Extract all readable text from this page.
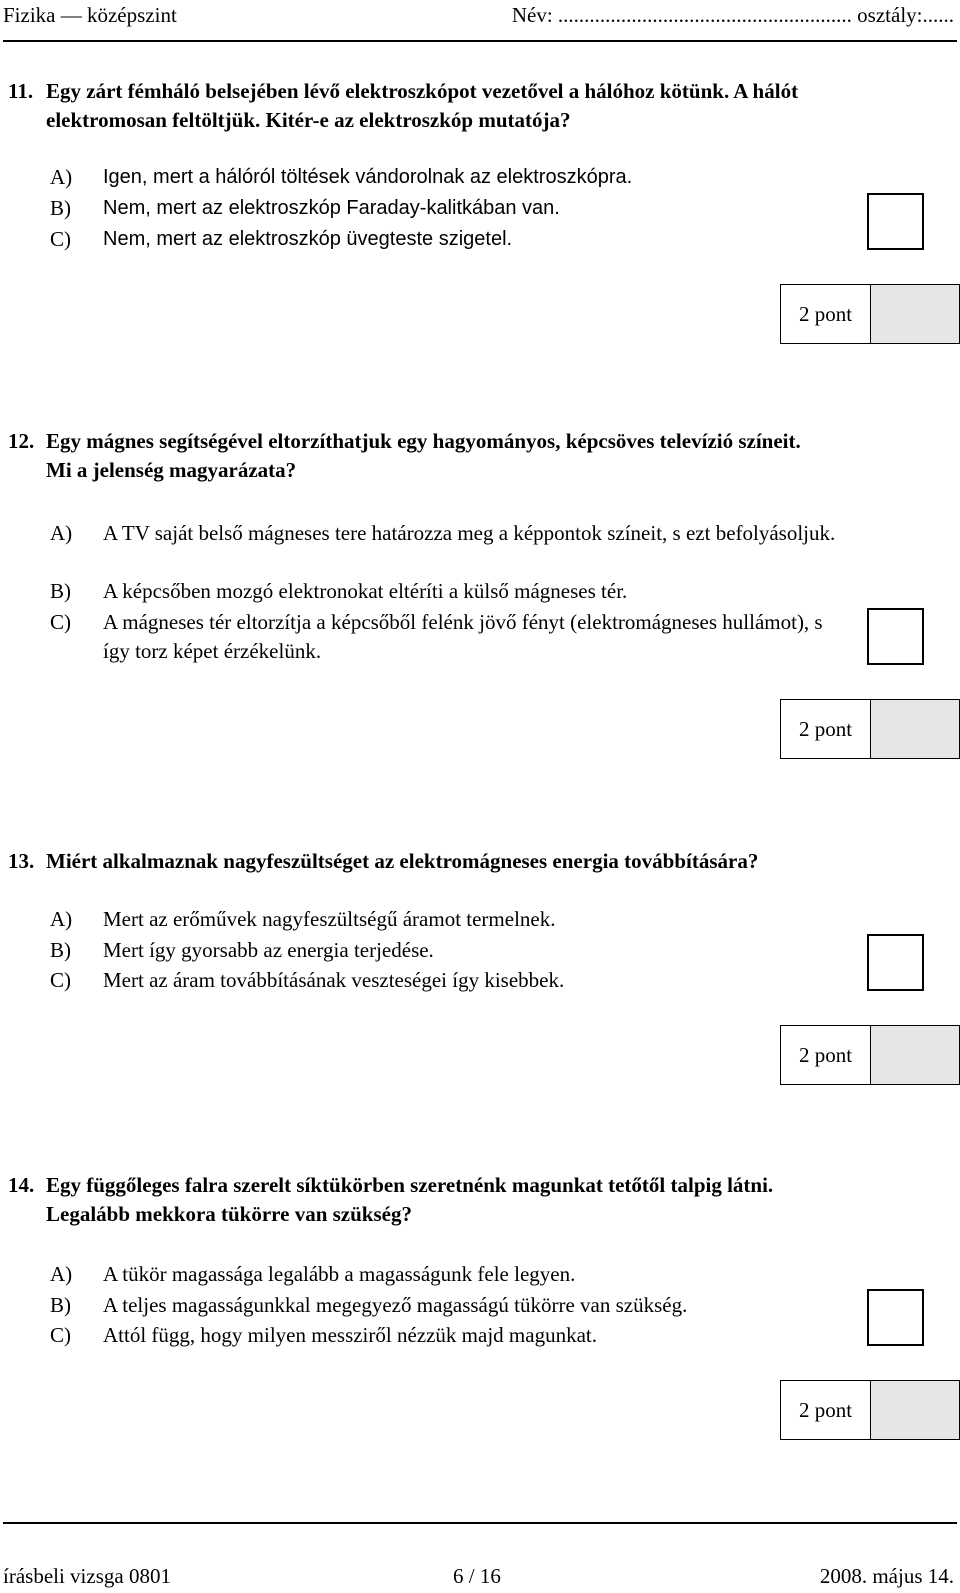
Fizika — középszint	Név: ........................................................ osztály:......
11. Egy zárt fémháló belsejében lévő elektroszkópot vezetővel a hálóhoz kötünk. A hálót
elektromosan feltöltjük. Kitér-e az elektroszkóp mutatója?
A) Igen, mert a hálóról töltések vándorolnak az elektroszkópra.
B) Nem, mert az elektroszkóp Faraday-kalitkában van.
C) Nem, mert az elektroszkóp üvegteste szigetel.
2 pont
12. Egy mágnes segítségével eltorzíthatjuk egy hagyományos, képcsöves televízió színeit.
Mi a jelenség magyarázata?
A) A TV saját belső mágneses tere határozza meg a képpontok színeit, s ezt befolyásoljuk.
B) A képcsőben mozgó elektronokat eltéríti a külső mágneses tér.
C) A mágneses tér eltorzítja a képcsőből felénk jövő fényt (elektromágneses hullámot), s így torz képet érzékelünk.
2 pont
13. Miért alkalmaznak nagyfeszültséget az elektromágneses energia továbbítására?
A) Mert az erőművek nagyfeszültségű áramot termelnek.
B) Mert így gyorsabb az energia terjedése.
C) Mert az áram továbbításának veszteségei így kisebbek.
2 pont
14. Egy függőleges falra szerelt síktükörben szeretnénk magunkat tetőtől talpig látni.
Legalább mekkora tükörre van szükség?
A) A tükör magassága legalább a magasságunk fele legyen.
B) A teljes magasságunkkal megegyező magasságú tükörre van szükség.
C) Attól függ, hogy milyen messziről nézzük majd magunkat.
2 pont
írásbeli vizsga 0801	6 / 16	2008. május 14.
